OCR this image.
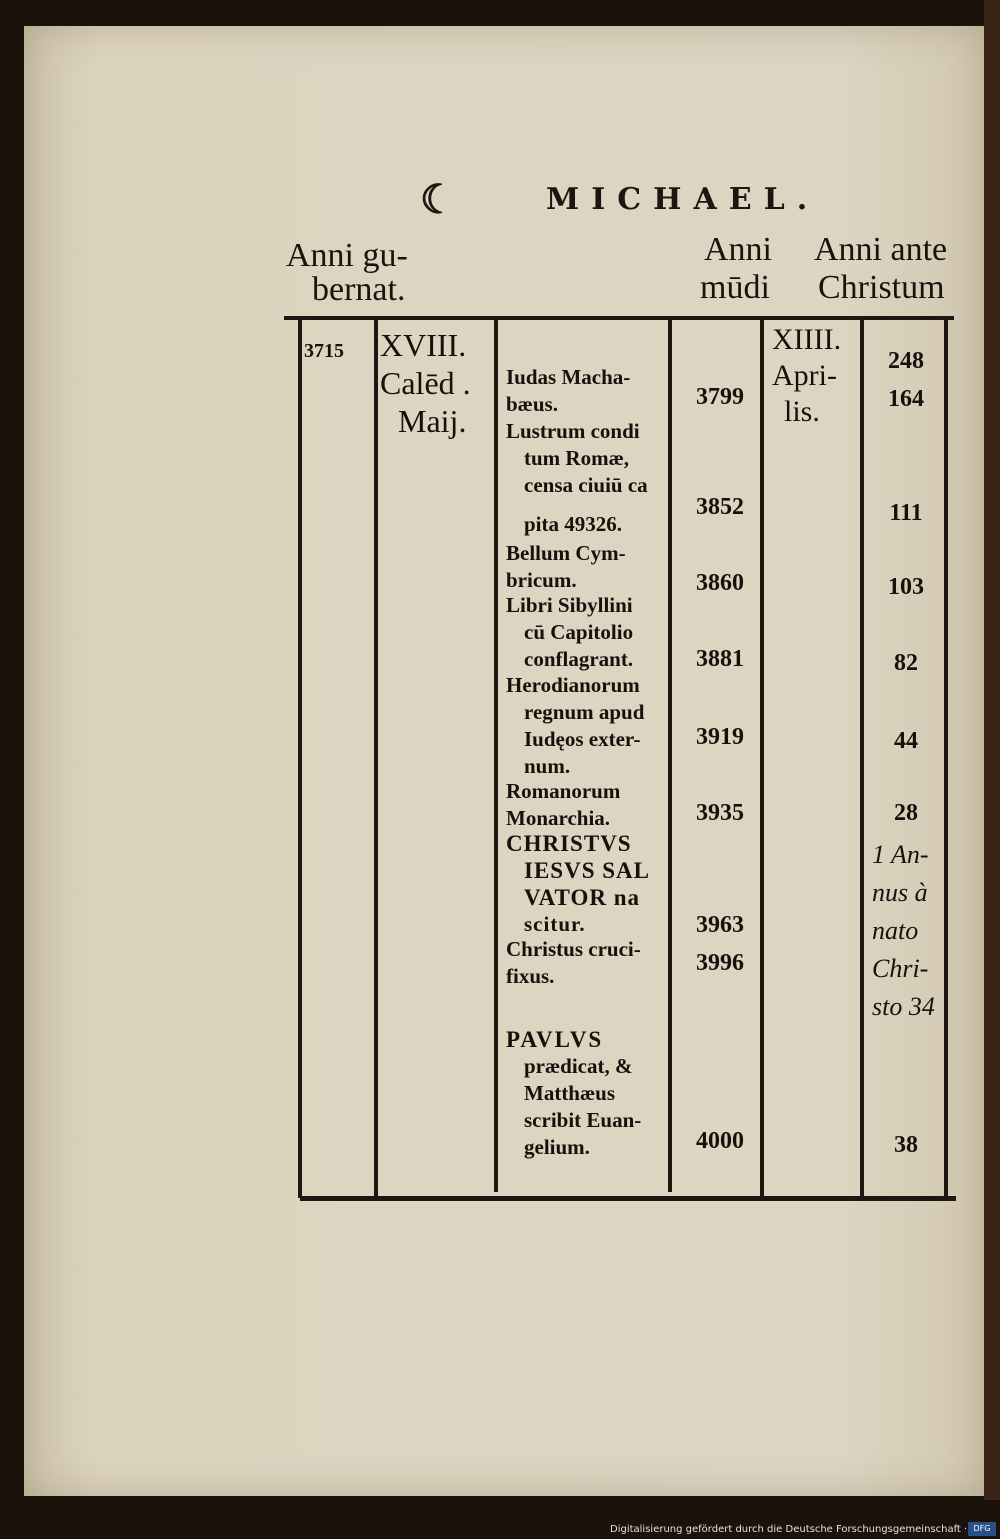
☾	MICHAEL.
Anni gu-
bernat.
Anni
mūdi
Anni ante
Christum
3715 XVIII.
Calēd .
Maij.
XIIII.
Apri-
lis.
Iudas Macha-
bæus.
Lustrum condi
tum Romæ,
censa ciuiū ca
pita 49326.
Bellum Cym-
bricum.
Libri Sibyllini
cū Capitolio
conflagrant.
Herodianorum
regnum apud
Iudęos exter-
num.
Romanorum
Monarchia.
CHRISTVS
IESVS SAL
VATOR na
scitur.
Christus cruci-
fixus.
PAVLVS
prædicat, &
Matthæus
scribit Euan-
gelium.
3799
3852
3860
3881
3919
3935
3963
3996
4000
248
164
111
103
82
44
28
1 An-
nus à
nato
Chri-
sto 34
38
Digitalisierung gefördert durch die Deutsche Forschungsgemeinschaft · DFG
